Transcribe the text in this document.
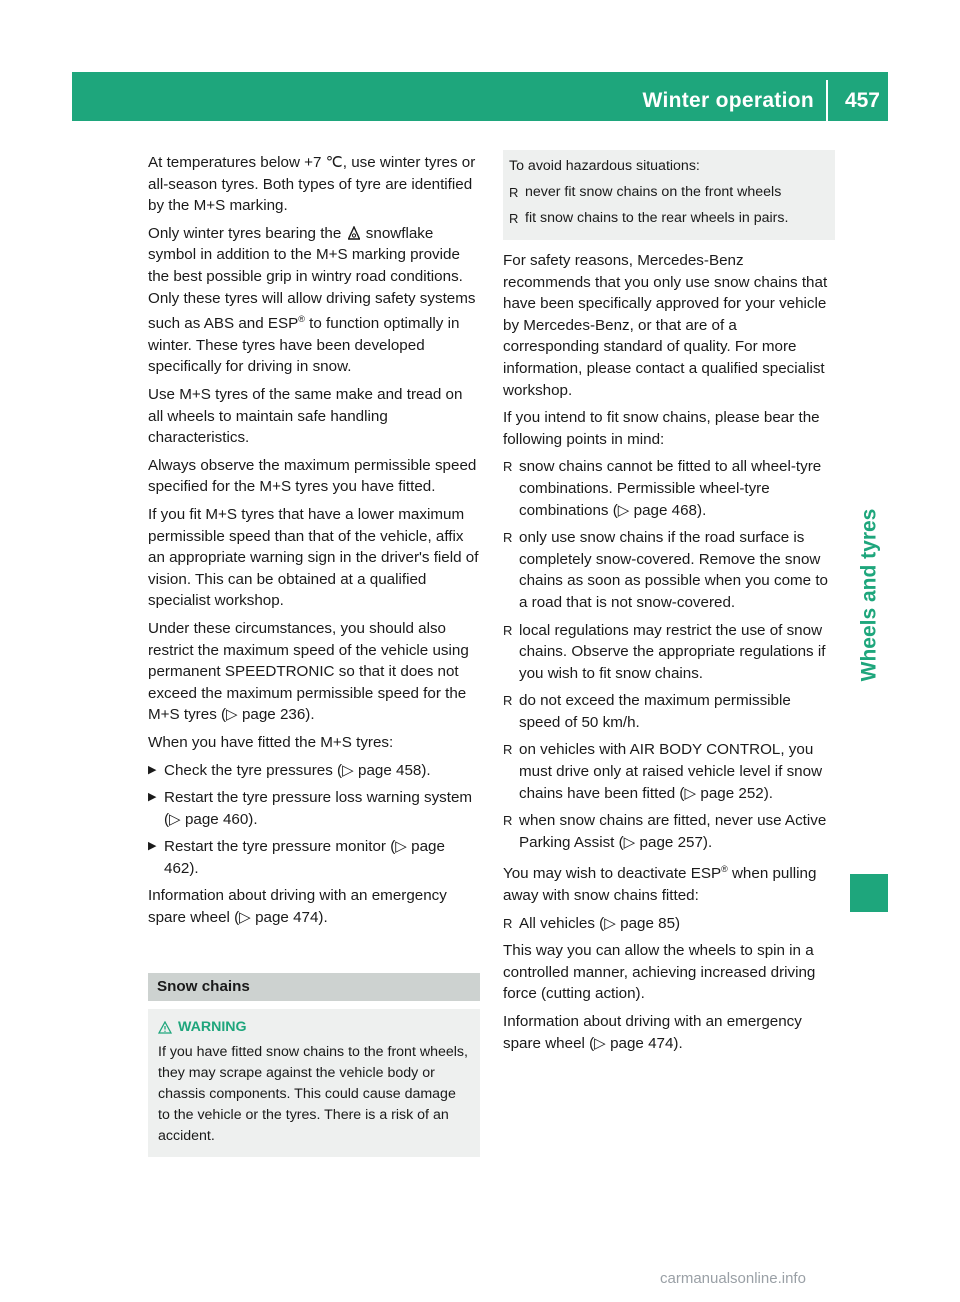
Winter operation 457
Wheels and tyres

At temperatures below +7 ℃, use winter tyres or all-season tyres. Both types of tyre are identified by the M+S marking.

Only winter tyres bearing the snowflake symbol in addition to the M+S marking provide the best possible grip in wintry road conditions. Only these tyres will allow driving safety systems such as ABS and ESP® to function optimally in winter. These tyres have been developed specifically for driving in snow.

Use M+S tyres of the same make and tread on all wheels to maintain safe handling characteristics.

Always observe the maximum permissible speed specified for the M+S tyres you have fitted.

If you fit M+S tyres that have a lower maximum permissible speed than that of the vehicle, affix an appropriate warning sign in the driver's field of vision. This can be obtained at a qualified specialist workshop.

Under these circumstances, you should also restrict the maximum speed of the vehicle using permanent SPEEDTRONIC so that it does not exceed the maximum permissible speed for the M+S tyres (▷ page 236).

When you have fitted the M+S tyres:

▶ Check the tyre pressures (▷ page 458).
▶ Restart the tyre pressure loss warning system (▷ page 460).
▶ Restart the tyre pressure monitor (▷ page 462).

Information about driving with an emergency spare wheel (▷ page 474).

Snow chains
WARNING
If you have fitted snow chains to the front wheels, they may scrape against the vehicle body or chassis components. This could cause damage to the vehicle or the tyres. There is a risk of an accident.

To avoid hazardous situations:

R never fit snow chains on the front wheels
R fit snow chains to the rear wheels in pairs.

For safety reasons, Mercedes-Benz recommends that you only use snow chains that have been specifically approved for your vehicle by Mercedes-Benz, or that are of a corresponding standard of quality. For more information, please contact a qualified specialist workshop.

If you intend to fit snow chains, please bear the following points in mind:

R snow chains cannot be fitted to all wheel-tyre combinations. Permissible wheel-tyre combinations (▷ page 468).
R only use snow chains if the road surface is completely snow-covered. Remove the snow chains as soon as possible when you come to a road that is not snow-covered.
R local regulations may restrict the use of snow chains. Observe the appropriate regulations if you wish to fit snow chains.
R do not exceed the maximum permissible speed of 50 km/h.
R on vehicles with AIR BODY CONTROL, you must drive only at raised vehicle level if snow chains have been fitted (▷ page 252).
R when snow chains are fitted, never use Active Parking Assist (▷ page 257).

You may wish to deactivate ESP® when pulling away with snow chains fitted:

R All vehicles (▷ page 85)

This way you can allow the wheels to spin in a controlled manner, achieving increased driving force (cutting action).

Information about driving with an emergency spare wheel (▷ page 474).

carmanualsonline.info
